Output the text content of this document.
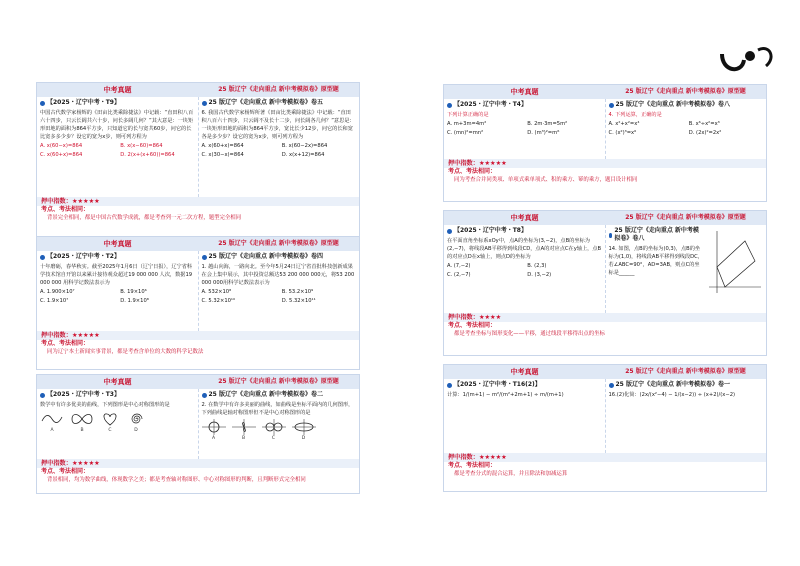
中考真题	25 版辽宁《走向重点 新中考模拟卷》原型题
【2025・辽宁中考・T9】
中国古代数学家杨辉的《田亩比类乘除捷法》中记载：“直田积八百六十四步，只云长阔共六十步，问长多阔几何？”其大意是：一块矩形田地的面积为864平方步，只知道它的长与宽共60步，问它的长比宽多多少步？设它的宽为x步，则可列方程为
A. x(60−x)=864	B. x(x−60)=864
C. x(60+x)=864	D. 2(x+(x+60))=864
25 版辽宁《走向重点 新中考模拟卷》卷五
6. 我国古代数学家杨辉所著《田亩比类乘除捷法》中记载：“直田积八百六十四步，只云阔不及长十二步，问长阔各几何？”意思是：一块矩形田地的面积为864平方步，宽比长少12步，问它的长和宽各是多少步？设它的宽为x步，则可列方程为
A. x(60+x)=864	B. x(60−2x)=864
C. x(30−x)=864	D. x(x+12)=864
押中指数：★★★★★
考点、考法相同：
背景完全相同，都是中国古代数学成就，都是考查列一元二次方程，题型完全相同
中考真题	25 版辽宁《走向重点 新中考模拟卷》原型题
【2025・辽宁中考・T2】
十年磨砺，春华秋实。截至2025年1月6日（辽宁日报），辽宁省科学技术馆自开馆以来累计接待观众超过19 000 000 人次，数据19 000 000 用科学记数法表示为
A. 1.900×10⁷	B. 19×10⁶
C. 1.9×10⁷	D. 1.9×10⁸
25 版辽宁《走向重点 新中考模拟卷》卷四
1. 越山向海，一路向北。至今年5月24日辽宁省首批科技创新成果在会上集中展示，其中投资总额达53 200 000 000元，将53 200 000 000用科学记数法表示为
A. 532×10⁸	B. 53.2×10⁹
C. 5.32×10¹⁰	D. 5.32×10¹¹
押中指数：★★★★★
考点、考法相同：
同为辽宁本土新闻实事背景，都是考查含单位的大数的科学记数法
中考真题	25 版辽宁《走向重点 新中考模拟卷》原型题
【2025・辽宁中考・T3】
数学中有许多优美的曲线，下列图形是中心对称图形的是
A	B	C	D
25 版辽宁《走向重点 新中考模拟卷》卷二
2. 在数学中有许多美丽的曲线，如曲线是坐标平面内的几何图形，下列曲线是轴对称图形但不是中心对称图形的是
A	B	C	D
押中指数：★★★★★
考点、考法相同：
背景相同，均为数学曲线，体现数学之美；都是考查轴对称图形、中心对称图形的判断，且判断形式完全相同
中考真题	25 版辽宁《走向重点 新中考模拟卷》原型题
【2025・辽宁中考・T4】
下列计算正确的是
A. m+3m=4m²	B. 2m·3m=5m²
C. (mn)²=mn²	D. (m³)²=m⁶
25 版辽宁《走向重点 新中考模拟卷》卷八
4. 下列运算，正确的是
A. x²+x²=x⁴	B. x⁶÷x²=x³
C. (x²)³=x⁶	D. (2x)²=2x²
押中指数：★★★★★
考点、考法相同：
同为考查合并同类项、单项式乘单项式、积的乘方、幂的乘方，题目设计相同
中考真题	25 版辽宁《走向重点 新中考模拟卷》原型题
【2025・辽宁中考・T8】
在平面直角坐标系xOy中，点A的坐标为(3,−2)，点B的坐标为(2,−7)，将线段AB平移得到线段CD，点A的对应点C在y轴上，点B的对应点D在x轴上，则点D的坐标为
A. (7,−2)	B. (2,3)
C. (2,−7)	D. (3,−2)
25 版辽宁《走向重点 新中考模拟卷》卷八
14. 如图，点B的坐标为(0,3)，点B的坐标为(1,0)，将线段AB平移得到线段DC，若∠ABC=90°，AD=3AB，则点C的坐标是______
押中指数：★★★★
考点、考法相同：
都是考查坐标与图形变化——平移，通过线段平移得出点的坐标
中考真题	25 版辽宁《走向重点 新中考模拟卷》原型题
【2025・辽宁中考・T16(2)】
计算：1/(m+1) − m²/(m²+2m+1) ÷ m/(m+1)
25 版辽宁《走向重点 新中考模拟卷》卷一
16.(2)化简：(2x/(x²−4) − 1/(x−2)) ÷ (x+2)/(x−2)
押中指数：★★★★★
考点、考法相同：
都是考查分式的混合运算，并且除法和加减运算
